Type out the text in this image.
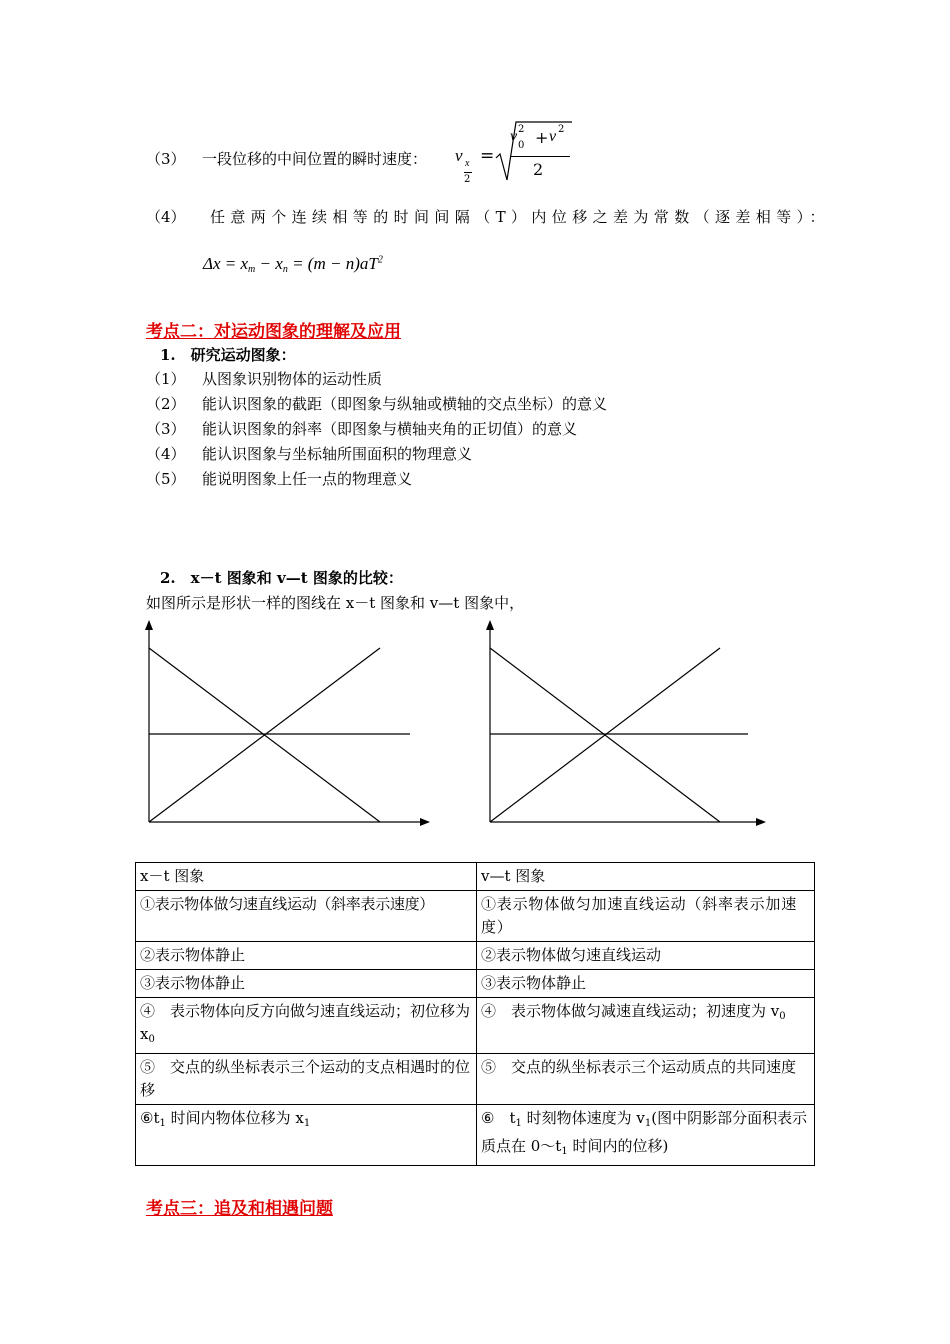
（3） 一段位移的中间位置的瞬时速度： v x
2
=
v 2
0 + v 2
2
（4） 任意两个连续相等的时间间隔（T）内位移之差为常数（逐差相等）：
$\Delta x = x_m - x_n = (m - n)aT^2$
考点二：对运动图象的理解及应用
1.　研究运动图象：
（1） 从图象识别物体的运动性质
（2） 能认识图象的截距（即图象与纵轴或横轴的交点坐标）的意义
（3） 能认识图象的斜率（即图象与横轴夹角的正切值）的意义
（4） 能认识图象与坐标轴所围面积的物理意义
（5） 能说明图象上任一点的物理意义
2.　x－t 图象和 v—t 图象的比较：
如图所示是形状一样的图线在 x－t 图象和 v—t 图象中，
x－t 图象	v—t 图象

①表示物体做匀速直线运动（斜率表示速度）	①表示物体做匀加速直线运动（斜率表示加速度）

②表示物体静止	②表示物体做匀速直线运动
③表示物体静止	③表示物体静止
④　表示物体向反方向做匀速直线运动；初位移为 $x_0$	④　表示物体做匀减速直线运动；初速度为 $v_0$
⑤　交点的纵坐标表示三个运动的支点相遇时的位移	⑤　交点的纵坐标表示三个运动质点的共同速度
$⑥t_1$ 时间内物体位移为 $x_1$	⑥　$t_1$ 时刻物体速度为 $v_1$(图中阴影部分面积表示质点在 $0\sim t_1$ 时间内的位移)
考点三：追及和相遇问题
